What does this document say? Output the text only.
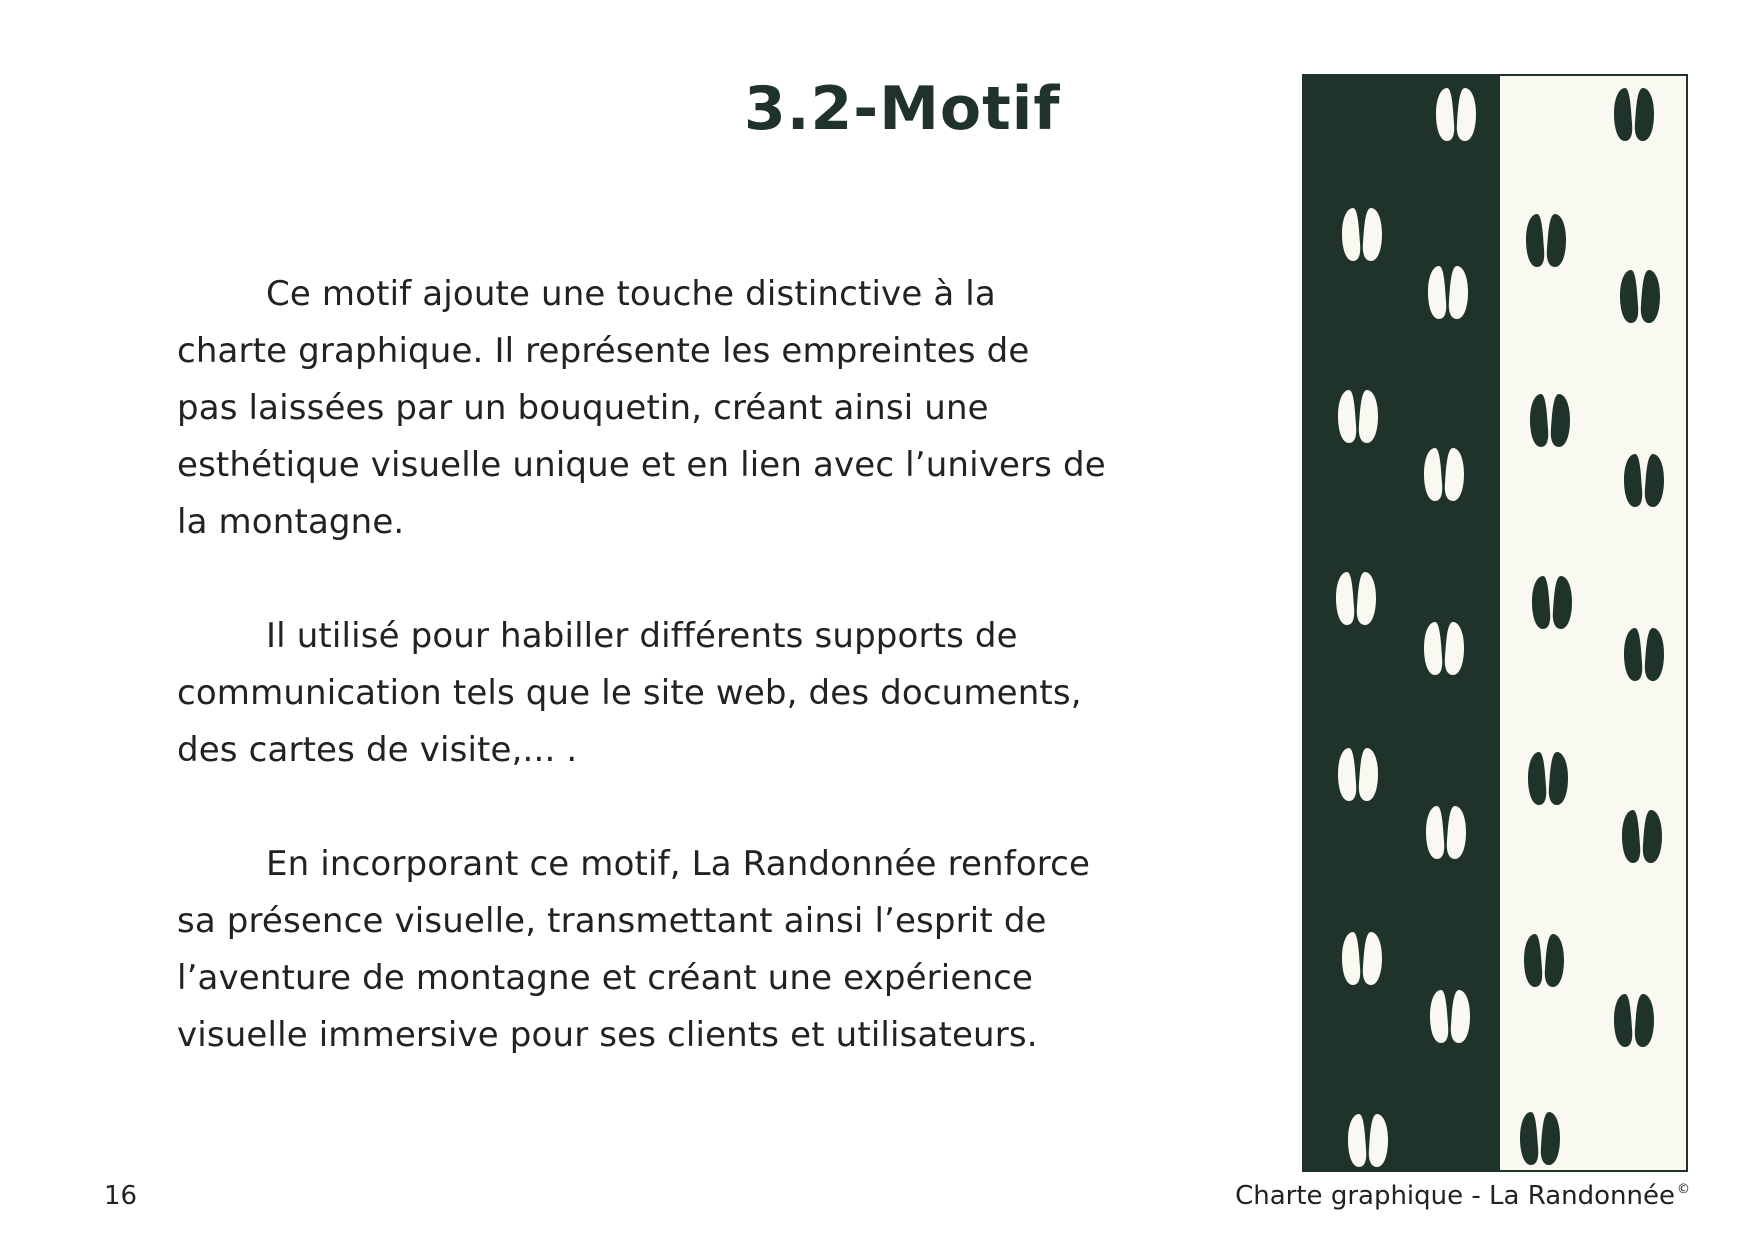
3.2-Motif

Ce motif ajoute une touche distinctive à la
charte graphique. Il représente les empreintes de
pas laissées par un bouquetin, créant ainsi une
esthétique visuelle unique et en lien avec l’univers de
la montagne.

Il utilisé pour habiller différents supports de
communication tels que le site web, des documents,
des cartes de visite,... .

En incorporant ce motif, La Randonnée renforce
sa présence visuelle, transmettant ainsi l’esprit de
l’aventure de montagne et créant une expérience
visuelle immersive pour ses clients et utilisateurs.

16	Charte graphique - La Randonnée ©
